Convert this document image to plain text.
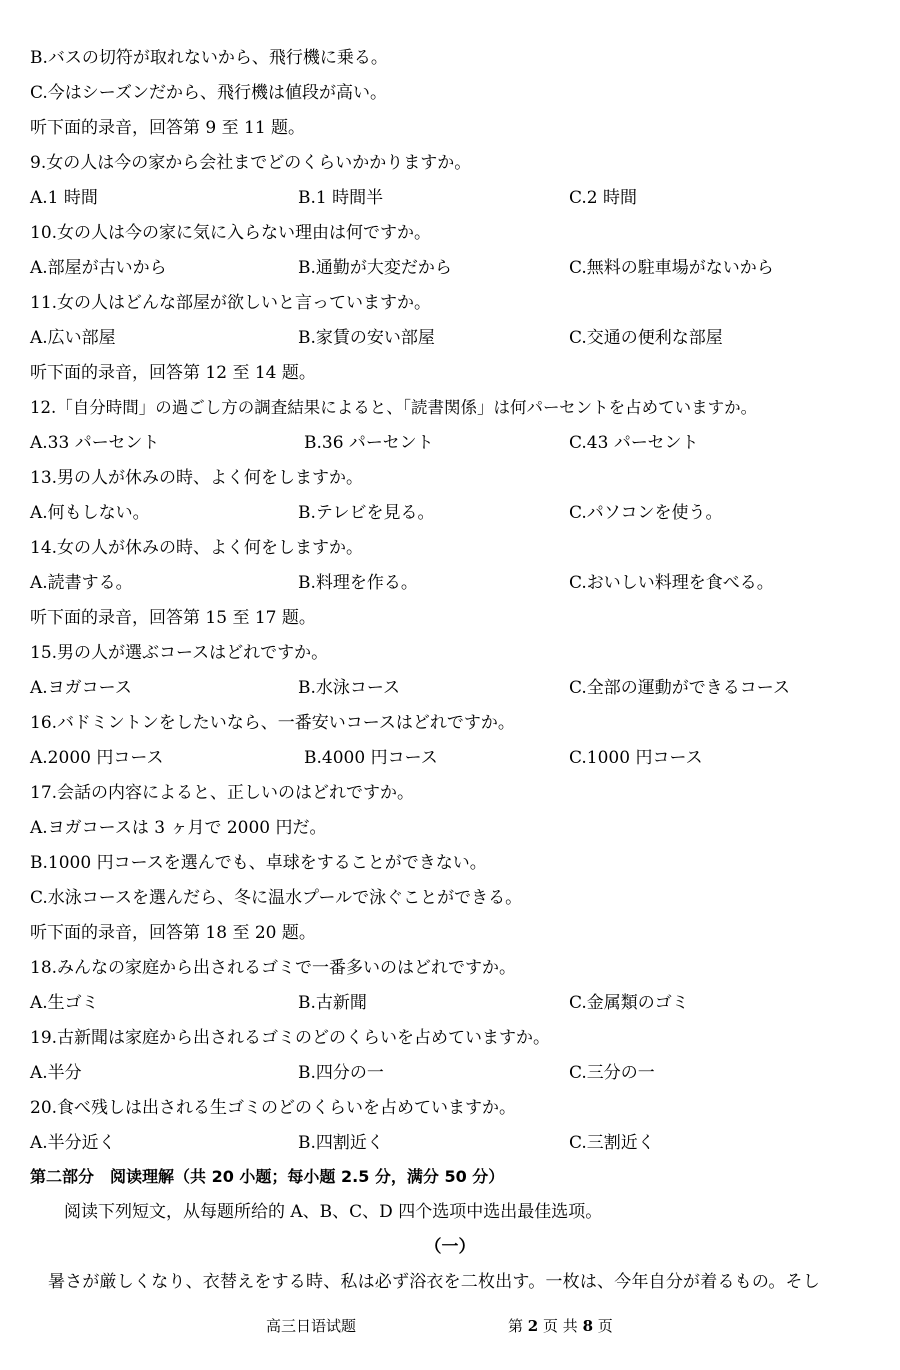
B.バスの切符が取れないから、飛行機に乗る。
C.今はシーズンだから、飛行機は値段が高い。
听下面的录音，回答第 9 至 11 题。
9.女の人は今の家から会社までどのくらいかかりますか。
A.1 時間	B.1 時間半	C.2 時間
10.女の人は今の家に気に入らない理由は何ですか。
A.部屋が古いから	B.通勤が大変だから	C.無料の駐車場がないから
11.女の人はどんな部屋が欲しいと言っていますか。
A.広い部屋	B.家賃の安い部屋	C.交通の便利な部屋
听下面的录音，回答第 12 至 14 题。
12.「自分時間」の過ごし方の調査結果によると、「読書関係」は何パーセントを占めていますか。
A.33 パーセント	B.36 パーセント	C.43 パーセント
13.男の人が休みの時、よく何をしますか。
A.何もしない。	B.テレビを見る。	C.パソコンを使う。
14.女の人が休みの時、よく何をしますか。
A.読書する。	B.料理を作る。	C.おいしい料理を食べる。
听下面的录音，回答第 15 至 17 题。
15.男の人が選ぶコースはどれですか。
A.ヨガコース	B.水泳コース	C.全部の運動ができるコース
16.バドミントンをしたいなら、一番安いコースはどれですか。
A.2000 円コース	B.4000 円コース	C.1000 円コース
17.会話の内容によると、正しいのはどれですか。
A.ヨガコースは 3 ヶ月で 2000 円だ。
B.1000 円コースを選んでも、卓球をすることができない。
C.水泳コースを選んだら、冬に温水プールで泳ぐことができる。
听下面的录音，回答第 18 至 20 题。
18.みんなの家庭から出されるゴミで一番多いのはどれですか。
A.生ゴミ	B.古新聞	C.金属類のゴミ
19.古新聞は家庭から出されるゴミのどのくらいを占めていますか。
A.半分	B.四分の一	C.三分の一
20.食べ残しは出される生ゴミのどのくらいを占めていますか。
A.半分近く	B.四割近く	C.三割近く
第二部分　阅读理解（共 20 小题；每小题 2.5 分，满分 50 分）
阅读下列短文，从每题所给的 A、B、C、D 四个选项中选出最佳选项。
（一）
暑さが厳しくなり、衣替えをする時、私は必ず浴衣を二枚出す。一枚は、今年自分が着るもの。そし
高三日语试题	第 2 页 共 8 页
